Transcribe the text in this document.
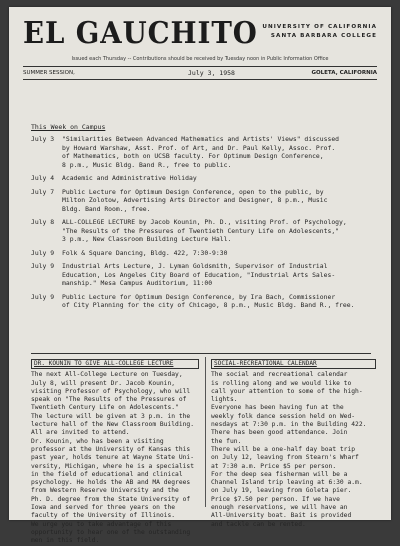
EL GAUCHITO UNIVERSITY OF CALIFORNIA
SANTA BARBARA COLLEGE
Issued each Thursday -- Contributions should be received by Tuesday noon in Public Information Office
SUMMER SESSION,	July 3, 1958	GOLETA, CALIFORNIA
This Week on Campus
July 3	"Similarities Between Advanced Mathematics and Artists' Views" discussed
by Howard Warshaw, Asst. Prof. of Art, and Dr. Paul Kelly, Assoc. Prof.
of Mathematics, both on UCSB faculty. For Optimum Design Conference,
8 p.m., Music Bldg. Band R., free to public.
July 4	Academic and Administrative Holiday
July 7	Public Lecture for Optimum Design Conference, open to the public, by
Milton Zolotow, Advertising Arts Director and Designer, 8 p.m., Music
Bldg. Band Room., free.
July 8	ALL-COLLEGE LECTURE by Jacob Kounin, Ph. D., visiting Prof. of Psychology,
"The Results of the Pressures of Twentieth Century Life on Adolescents,"
3 p.m., New Classroom Building Lecture Hall.
July 9	Folk & Square Dancing, Bldg. 422, 7:30-9:30
July 9	Industrial Arts Lecture, J. Lyman Goldsmith, Supervisor of Industrial
Education, Los Angeles City Board of Education, "Industrial Arts Sales-
manship." Mesa Campus Auditorium, 11:00
July 9	Public Lecture for Optimum Design Conference, by Ira Bach, Commissioner
of City Planning for the city of Chicago, 8 p.m., Music Bldg. Band R., free.
DR. KOUNIN TO GIVE ALL-COLLEGE LECTURE
The next All-College Lecture on Tuesday,
July 8, will present Dr. Jacob Kounin,
visiting Professor of Psychology, who will
speak on "The Results of the Pressures of
Twentieth Century Life on Adolescents."
The lecture will be given at 3 p.m. in the
lecture hall of the New Classroom Building.
All are invited to attend.
Dr. Kounin, who has been a visiting
professor at the University of Kansas this
past year, holds tenure at Wayne State Uni-
versity, Michigan, where he is a specialist
in the field of educational and clinical
psychology. He holds the AB and MA degrees
from Western Reserve University and the
Ph. D. degree from the State University of
Iowa and served for three years on the
faculty of the University of Illinois.
We urge you to take advantage of this
opportunity to hear one of the outstanding
men in this field.
SOCIAL-RECREATIONAL CALENDAR
The social and recreational calendar
is rolling along and we would like to
call your attention to some of the high-
lights.
Everyone has been having fun at the
weekly folk dance session held on Wed-
nesdays at 7:30 p.m. in the Building 422.
There has been good attendance. Join
the fun.
There will be a one-half day boat trip
on July 12, leaving from Stearn's Wharf
at 7:30 a.m. Price $5 per person.
For the deep sea fisherman will be a
Channel Island trip leaving at 6:30 a.m.
on July 19, leaving from Goleta pier.
Price $7.50 per person. If we have
enough reservations, we will have an
All-University boat. Bait is provided
and tackle can be rented.
